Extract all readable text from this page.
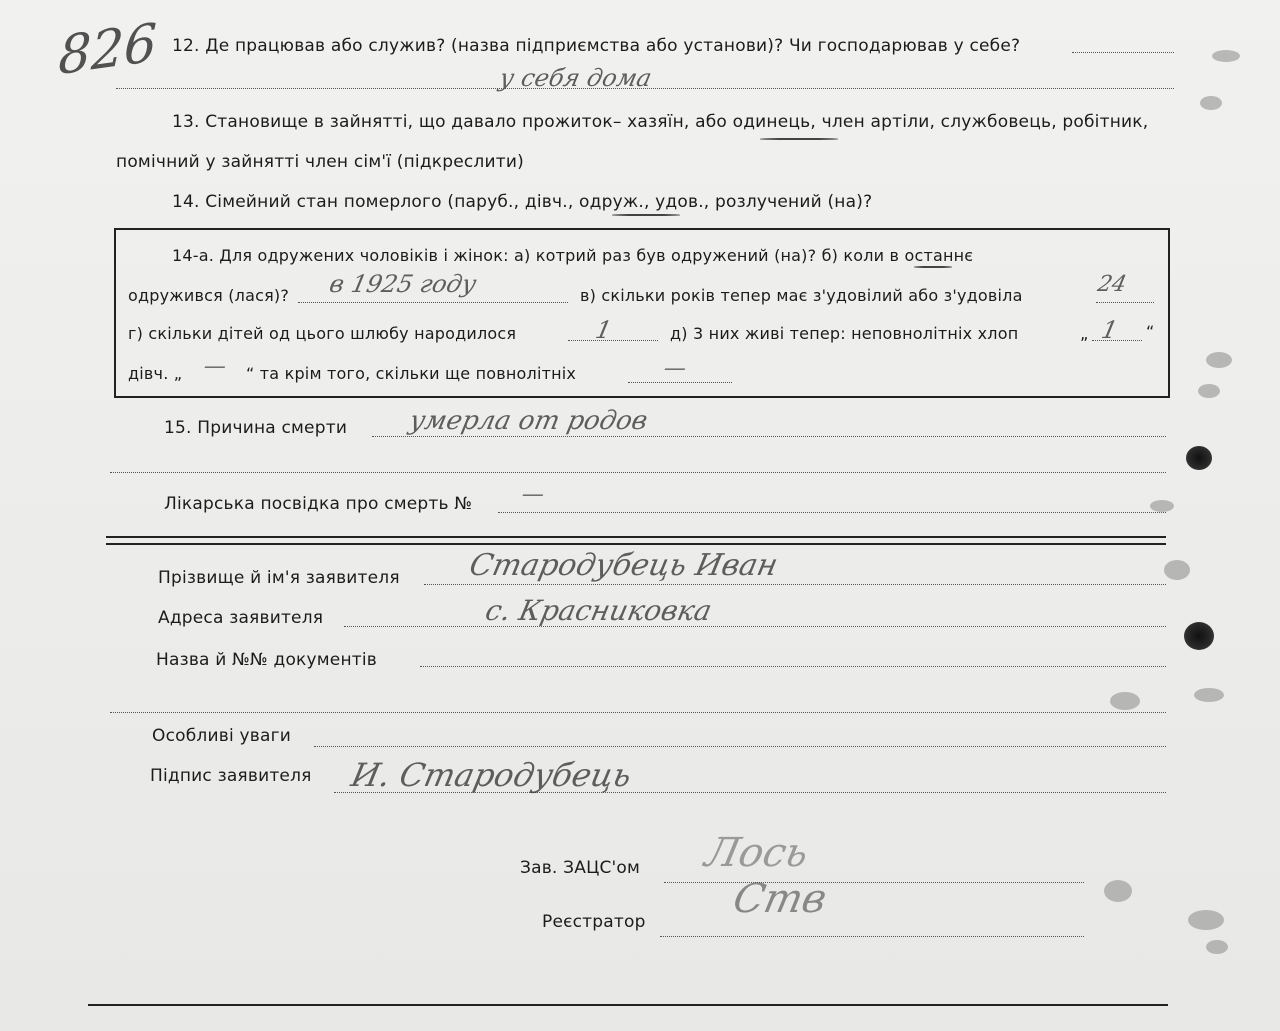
826 12. Де працював або служив? (назва підприємства або установи)? Чи господарював у себе?
у себя дома
13. Становище в зайнятті, що давало прожиток– хазяїн, або одинець, член артіли, службовець, робітник,
помічний у зайнятті член сім'ї (підкреслити)
14. Сімейний стан померлого (паруб., дівч., одруж., удов., розлучений (на)?
14-а. Для одружених чоловіків і жінок: а) котрий раз був одружений (на)? б) коли в останнє
одружився (лася)? в 1925 году	в) скільки років тепер має з'удовілий або з'удовіла	24
г) скільки дітей од цього шлюбу народилося	1	д) 3 них живі тепер: неповнолітніх хлоп	„ 1 “
дівч. „ — “ та крім того, скільки ще повнолітніх	—
15. Причина смерти умерла от родов
Лікарська посвідка про смерть № —
Прізвище й ім'я заявителя Стародубець Иван
Адреса заявителя	с. Красниковка
Назва й №№ документів
Особливі уваги
Підпис заявителя И. Стародубець
Зав. ЗАЦС'ом Лось
Реєстратор Ств
